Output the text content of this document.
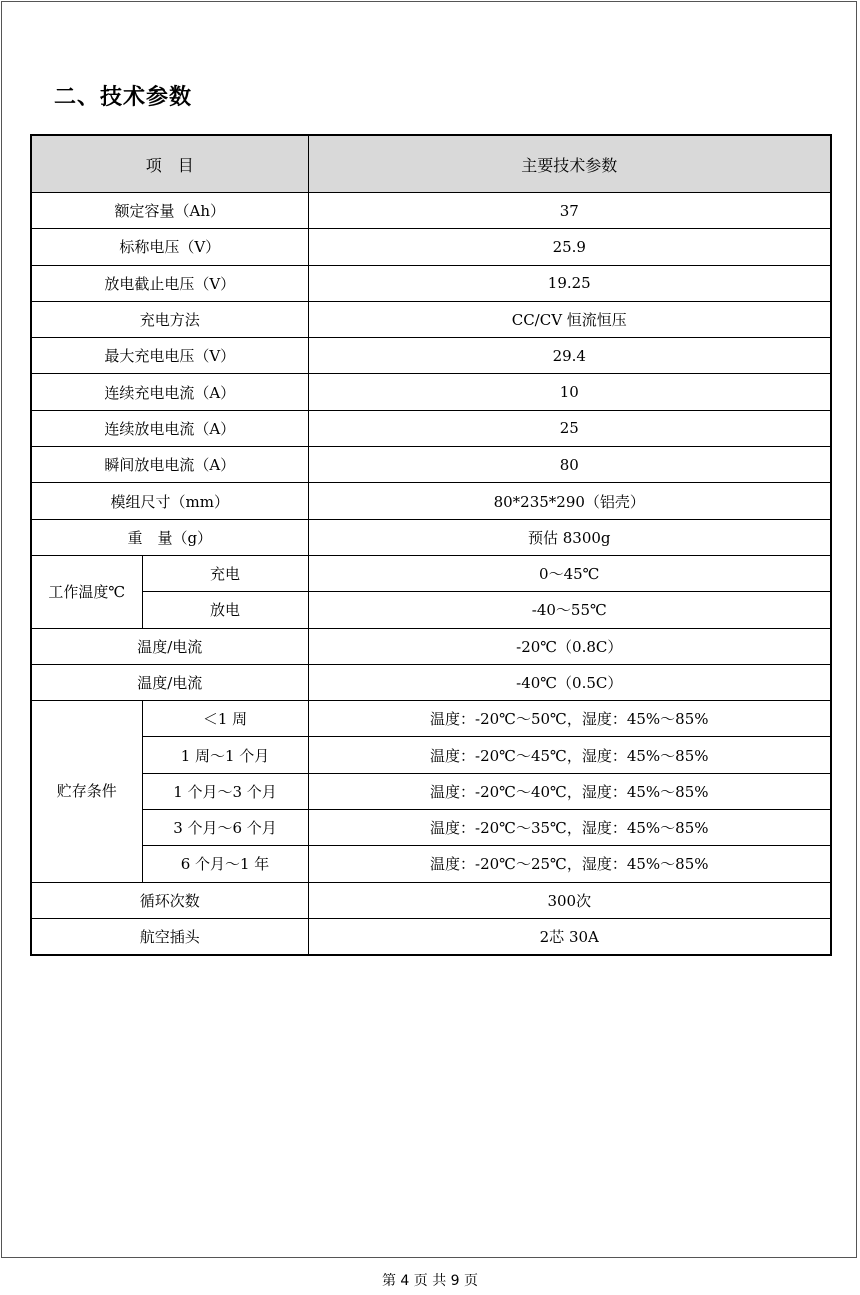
二、技术参数
项　目		主要技术参数
额定容量（Ah）		37
标称电压（V）		25.9
放电截止电压（V）		19.25
充电方法		CC/CV 恒流恒压
最大充电电压（V）		29.4
连续充电电流（A）		10
连续放电电流（A）		25
瞬间放电电流（A）		80
模组尺寸（mm）		80*235*290（铝壳）
重　量（g）		预估 8300g
工作温度℃	充电	0～45℃
	放电	-40～55℃
温度/电流		-20℃（0.8C）
温度/电流		-40℃（0.5C）
贮存条件	＜1 周	温度：-20℃～50℃，湿度：45%～85%
	1 周～1 个月	温度：-20℃～45℃，湿度：45%～85%
	1 个月～3 个月	温度：-20℃～40℃，湿度：45%～85%
	3 个月～6 个月	温度：-20℃～35℃，湿度：45%～85%
	6 个月～1 年	温度：-20℃～25℃，湿度：45%～85%
循环次数		300次
航空插头		2芯 30A
第 4 页 共 9 页
